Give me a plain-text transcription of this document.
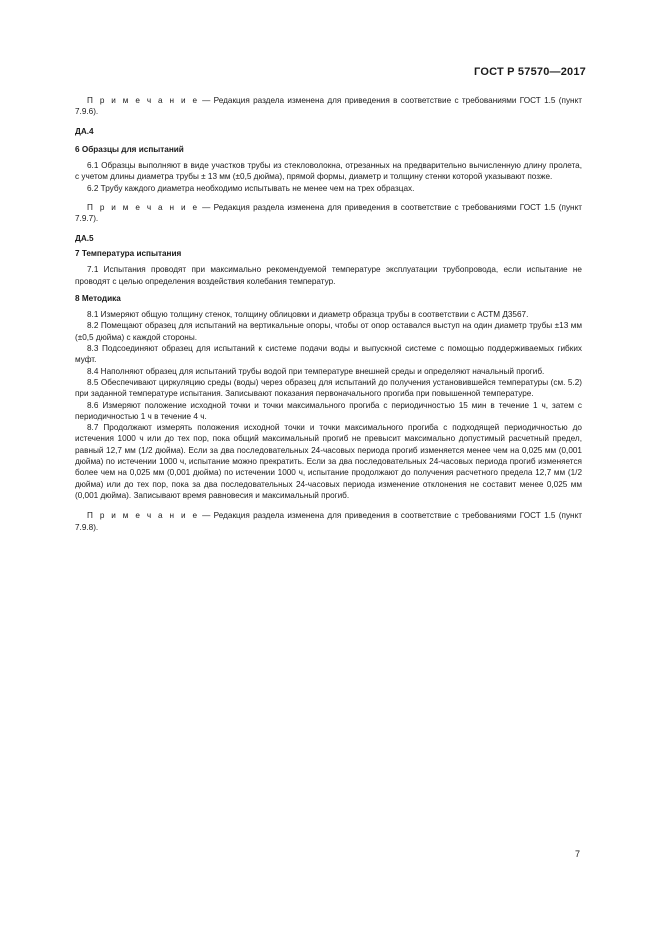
ГОСТ Р 57570—2017

П р и м е ч а н и е — Редакция раздела изменена для приведения в соответствие с требованиями ГОСТ 1.5 (пункт 7.9.6).

ДА.4

6 Образцы для испытаний

6.1 Образцы выполняют в виде участков трубы из стекловолокна, отрезанных на предварительно вычисленную длину пролета, с учетом длины диаметра трубы ± 13 мм (±0,5 дюйма), прямой формы, диаметр и толщину стенки которой указывают позже.

6.2 Трубу каждого диаметра необходимо испытывать не менее чем на трех образцах.

П р и м е ч а н и е — Редакция раздела изменена для приведения в соответствие с требованиями ГОСТ 1.5 (пункт 7.9.7).

ДА.5

7 Температура испытания

7.1 Испытания проводят при максимально рекомендуемой температуре эксплуатации трубопровода, если испытание не проводят с целью определения воздействия колебания температур.

8 Методика

8.1 Измеряют общую толщину стенок, толщину облицовки и диаметр образца трубы в соответствии с АСТМ Д3567.

8.2 Помещают образец для испытаний на вертикальные опоры, чтобы от опор оставался выступ на один диаметр трубы ±13 мм (±0,5 дюйма) с каждой стороны.

8.3 Подсоединяют образец для испытаний к системе подачи воды и выпускной системе с помощью поддерживаемых гибких муфт.

8.4 Наполняют образец для испытаний трубы водой при температуре внешней среды и определяют начальный прогиб.

8.5 Обеспечивают циркуляцию среды (воды) через образец для испытаний до получения установившейся температуры (см. 5.2) при заданной температуре испытания. Записывают показания первоначального прогиба при повышенной температуре.

8.6 Измеряют положение исходной точки и точки максимального прогиба с периодичностью 15 мин в течение 1 ч, затем с периодичностью 1 ч в течение 4 ч.

8.7 Продолжают измерять положения исходной точки и точки максимального прогиба с подходящей периодичностью до истечения 1000 ч или до тех пор, пока общий максимальный прогиб не превысит максимально допустимый расчетный предел, равный 12,7 мм (1/2 дюйма). Если за два последовательных 24-часовых периода прогиб изменяется менее чем на 0,025 мм (0,001 дюйма) по истечении 1000 ч, испытание можно прекратить. Если за два последовательных 24-часовых периода прогиб изменяется более чем на 0,025 мм (0,001 дюйма) по истечении 1000 ч, испытание продолжают до получения расчетного предела 12,7 мм (1/2 дюйма) или до тех пор, пока за два последовательных 24-часовых периода изменение отклонения не составит менее 0,025 мм (0,001 дюйма). Записывают время равновесия и максимальный прогиб.

П р и м е ч а н и е — Редакция раздела изменена для приведения в соответствие с требованиями ГОСТ 1.5 (пункт 7.9.8).

7
